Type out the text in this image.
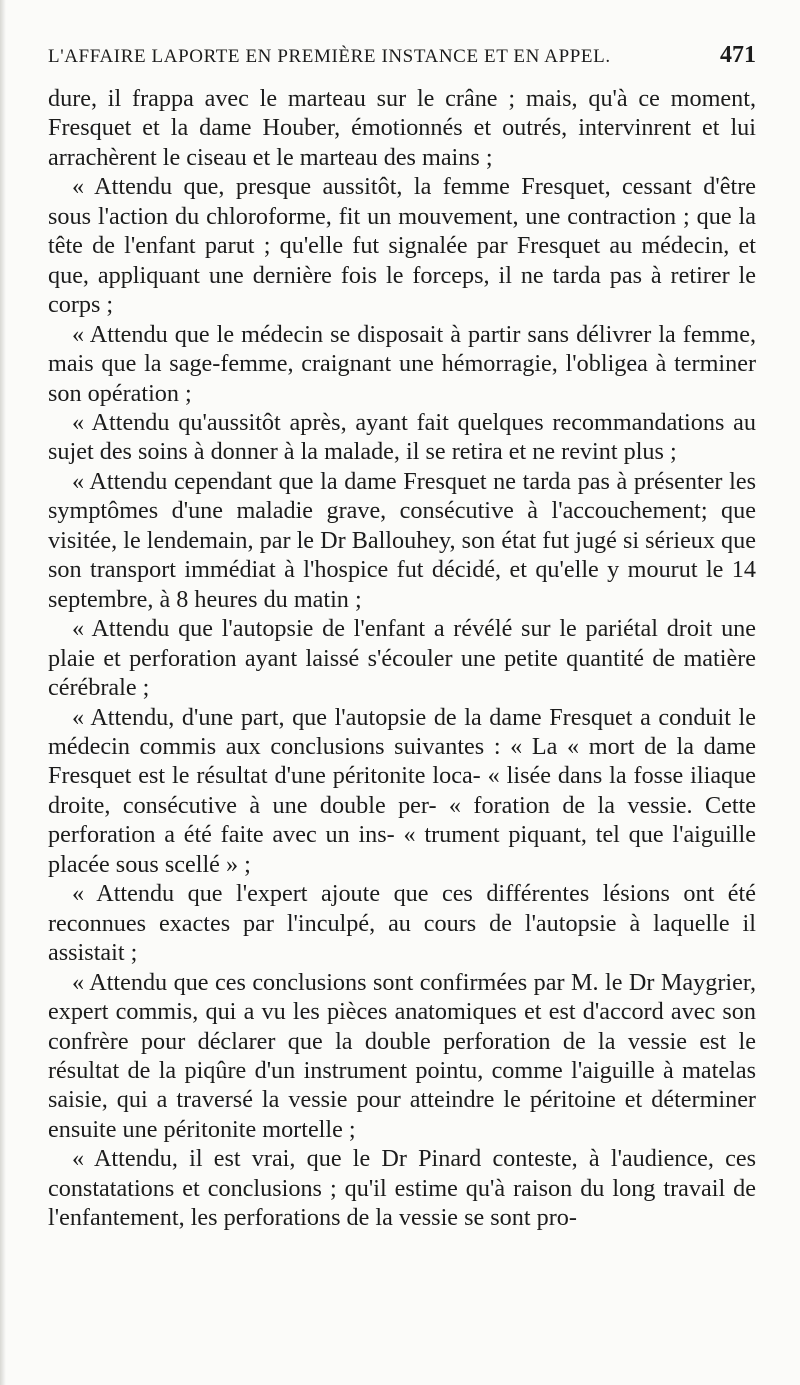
L'AFFAIRE LAPORTE EN PREMIÈRE INSTANCE ET EN APPEL.	471

dure, il frappa avec le marteau sur le crâne ; mais, qu'à ce moment, Fresquet et la dame Houber, émotionnés et outrés, intervinrent et lui arrachèrent le ciseau et le marteau des mains ;

« Attendu que, presque aussitôt, la femme Fresquet, cessant d'être sous l'action du chloroforme, fit un mouvement, une contraction ; que la tête de l'enfant parut ; qu'elle fut signalée par Fresquet au médecin, et que, appliquant une dernière fois le forceps, il ne tarda pas à retirer le corps ;

« Attendu que le médecin se disposait à partir sans délivrer la femme, mais que la sage-femme, craignant une hémorragie, l'obligea à terminer son opération ;

« Attendu qu'aussitôt après, ayant fait quelques recommandations au sujet des soins à donner à la malade, il se retira et ne revint plus ;

« Attendu cependant que la dame Fresquet ne tarda pas à présenter les symptômes d'une maladie grave, consécutive à l'accouchement; que visitée, le lendemain, par le Dr Ballouhey, son état fut jugé si sérieux que son transport immédiat à l'hospice fut décidé, et qu'elle y mourut le 14 septembre, à 8 heures du matin ;

« Attendu que l'autopsie de l'enfant a révélé sur le pariétal droit une plaie et perforation ayant laissé s'écouler une petite quantité de matière cérébrale ;

« Attendu, d'une part, que l'autopsie de la dame Fresquet a conduit le médecin commis aux conclusions suivantes : « La « mort de la dame Fresquet est le résultat d'une péritonite loca- « lisée dans la fosse iliaque droite, consécutive à une double per- « foration de la vessie. Cette perforation a été faite avec un ins- « trument piquant, tel que l'aiguille placée sous scellé » ;

« Attendu que l'expert ajoute que ces différentes lésions ont été reconnues exactes par l'inculpé, au cours de l'autopsie à laquelle il assistait ;

« Attendu que ces conclusions sont confirmées par M. le Dr Maygrier, expert commis, qui a vu les pièces anatomiques et est d'accord avec son confrère pour déclarer que la double perforation de la vessie est le résultat de la piqûre d'un instrument pointu, comme l'aiguille à matelas saisie, qui a traversé la vessie pour atteindre le péritoine et déterminer ensuite une péritonite mortelle ;

« Attendu, il est vrai, que le Dr Pinard conteste, à l'audience, ces constatations et conclusions ; qu'il estime qu'à raison du long travail de l'enfantement, les perforations de la vessie se sont pro-
